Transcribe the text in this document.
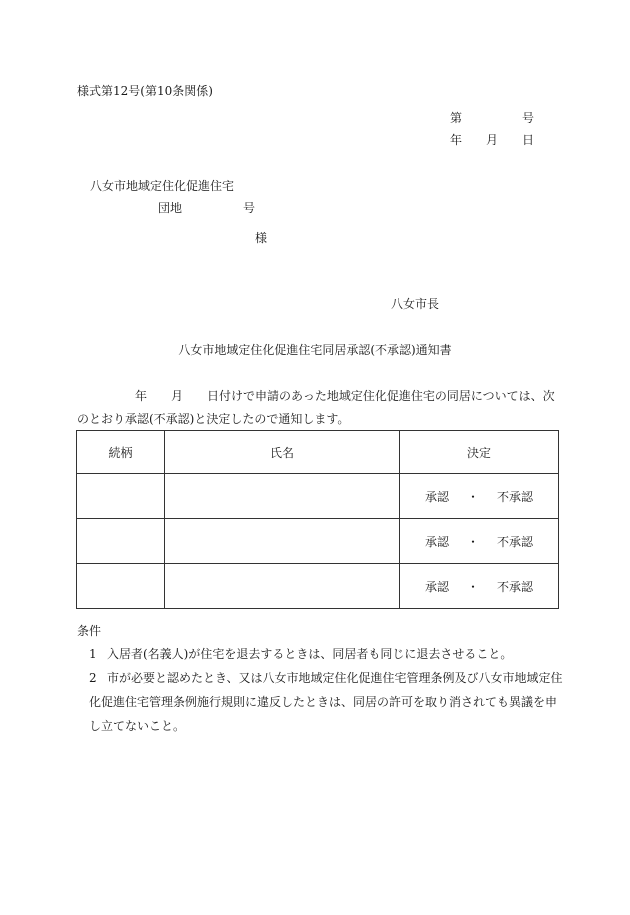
様式第12号(第10条関係)
第	号
年 月 日
八女市地域定住化促進住宅
団地	号
様
八女市長
八女市地域定住化促進住宅同居承認(不承認)通知書
年 月 日付けで申請のあった地域定住化促進住宅の同居については、次
のとおり承認(不承認)と決定したので通知します。
続柄	氏名	決定
		承認 ・ 不承認
		承認 ・ 不承認
		承認 ・ 不承認
条件
1 入居者(名義人)が住宅を退去するときは、同居者も同じに退去させること。
2 市が必要と認めたとき、又は八女市地域定住化促進住宅管理条例及び八女市地域定住
化促進住宅管理条例施行規則に違反したときは、同居の許可を取り消されても異議を申
し立てないこと。
